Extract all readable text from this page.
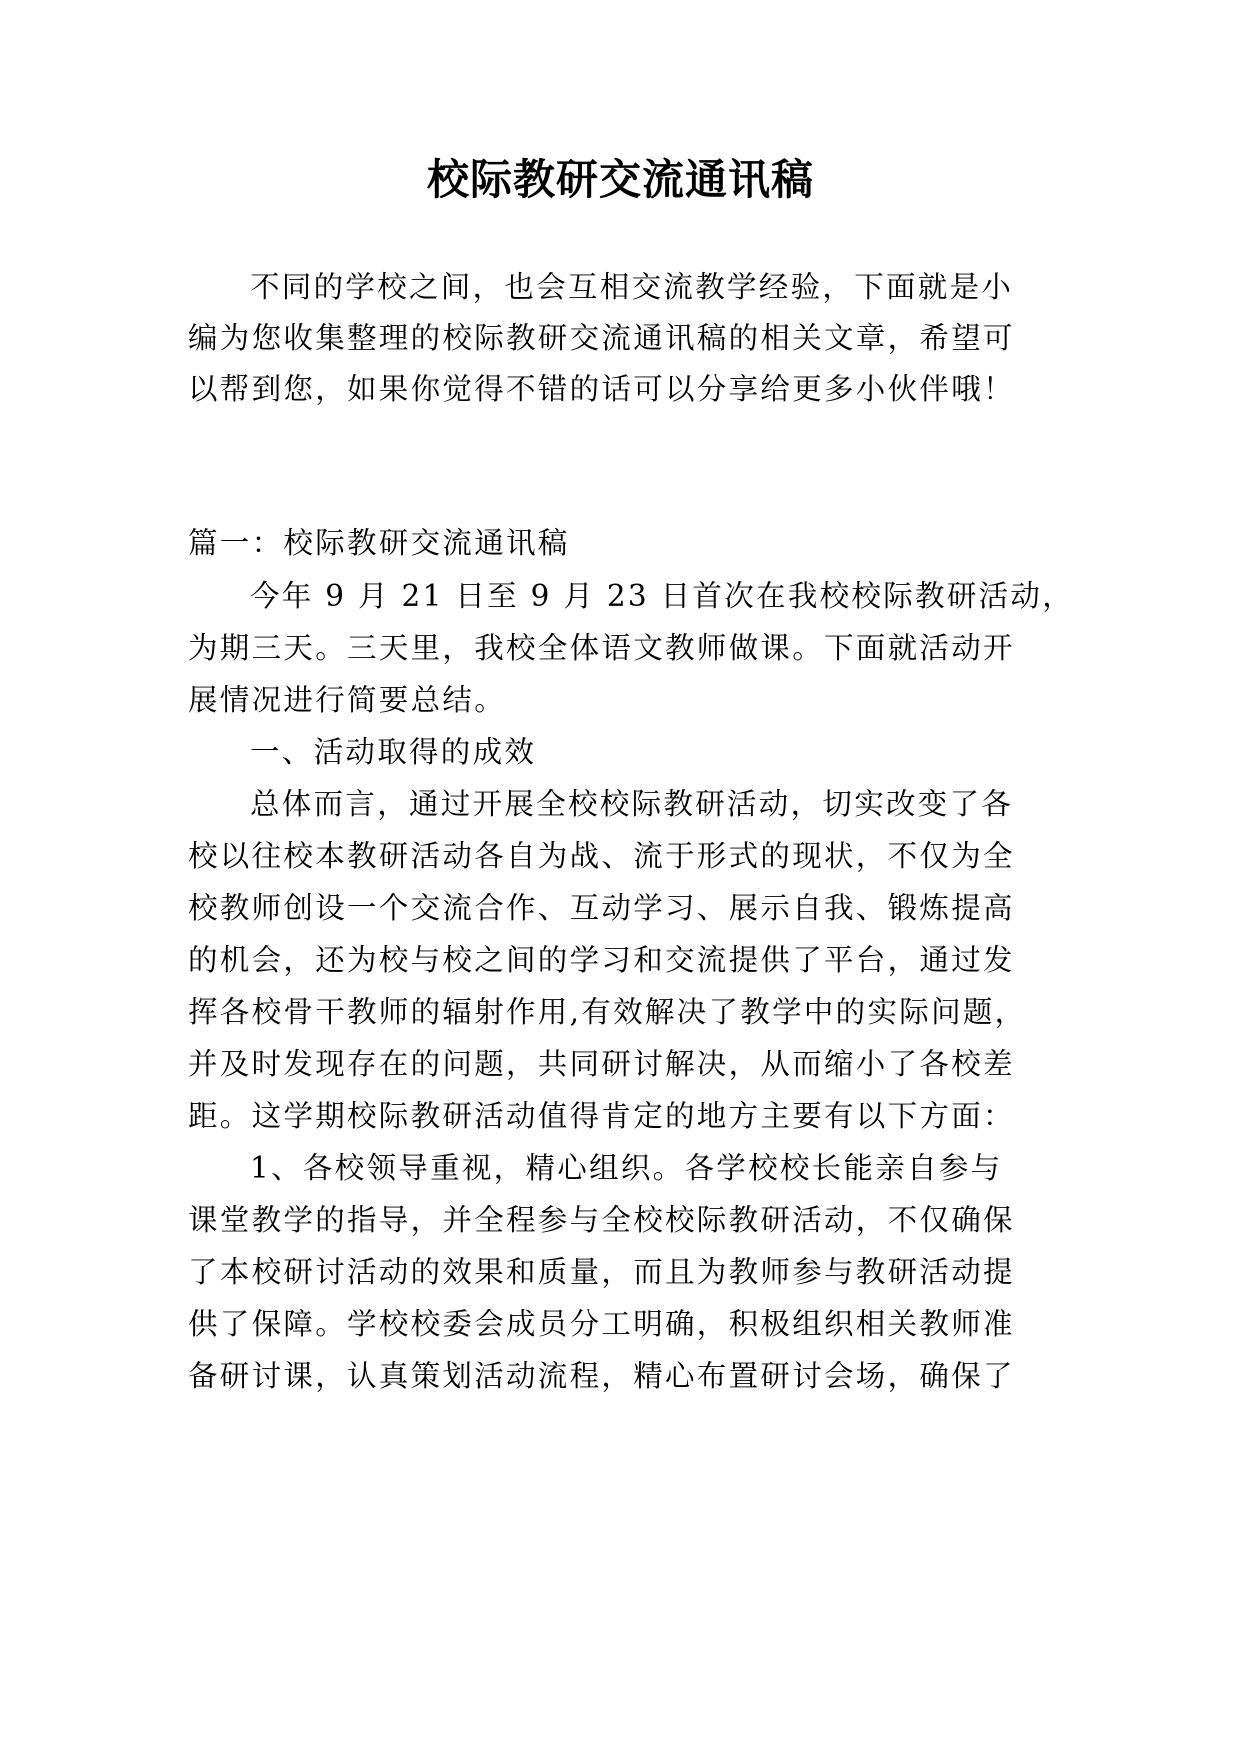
校际教研交流通讯稿
不同的学校之间，也会互相交流教学经验，下面就是小
编为您收集整理的校际教研交流通讯稿的相关文章，希望可
以帮到您，如果你觉得不错的话可以分享给更多小伙伴哦！
篇一：校际教研交流通讯稿
今年 9 月 21 日至 9 月 23 日首次在我校校际教研活动，
为期三天。三天里，我校全体语文教师做课。下面就活动开
展情况进行简要总结。
一、活动取得的成效
总体而言，通过开展全校校际教研活动，切实改变了各
校以往校本教研活动各自为战、流于形式的现状，不仅为全
校教师创设一个交流合作、互动学习、展示自我、锻炼提高
的机会，还为校与校之间的学习和交流提供了平台，通过发
挥各校骨干教师的辐射作用,有效解决了教学中的实际问题，
并及时发现存在的问题，共同研讨解决，从而缩小了各校差
距。这学期校际教研活动值得肯定的地方主要有以下方面：
1、各校领导重视，精心组织。各学校校长能亲自参与
课堂教学的指导，并全程参与全校校际教研活动，不仅确保
了本校研讨活动的效果和质量，而且为教师参与教研活动提
供了保障。学校校委会成员分工明确，积极组织相关教师准
备研讨课，认真策划活动流程，精心布置研讨会场，确保了
